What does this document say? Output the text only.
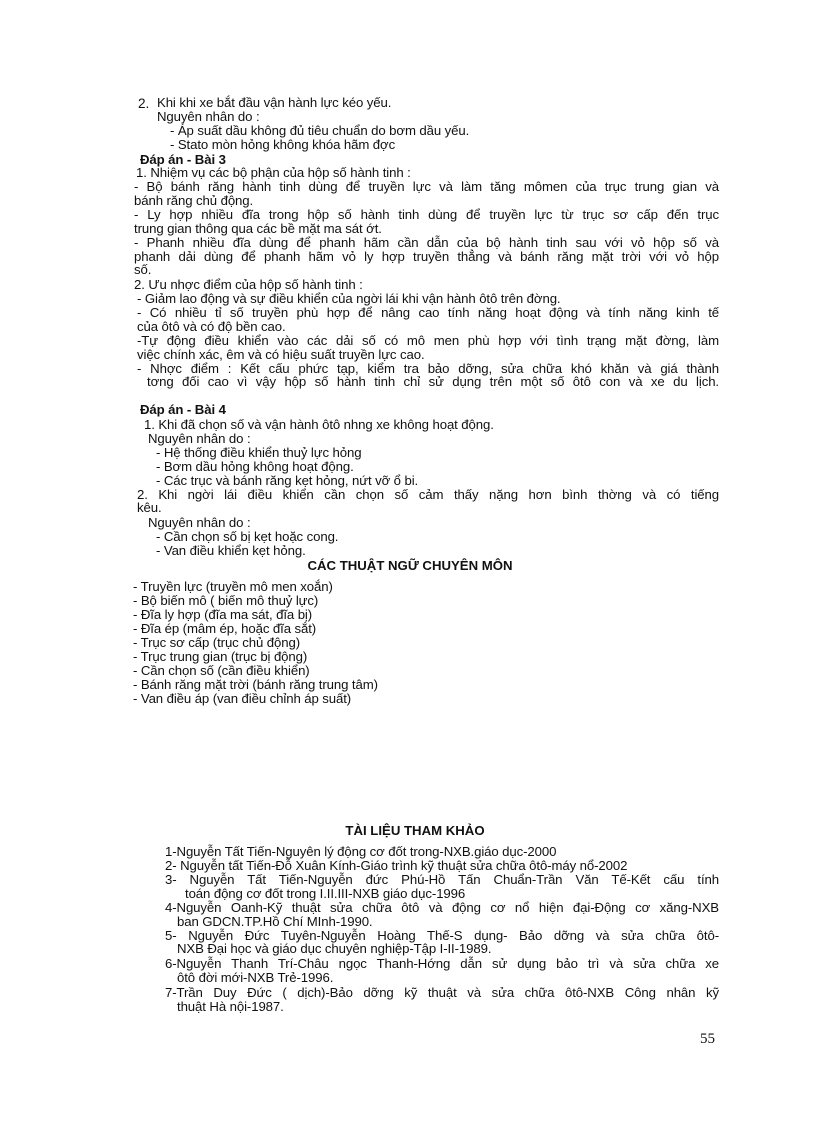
2. Khi khi xe bắt đầu vận hành lực kéo yếu.
Nguyên nhân do :
- Áp suất dầu không đủ tiêu chuẩn do bơm dầu yếu.
- Stato mòn hỏng không khóa hãm đợc
Đáp án - Bài 3
1. Nhiệm vụ các bộ phận của hộp số hành tinh :
- Bộ bánh răng hành tinh dùng để truyền lực và làm tăng mômen của trục trung gian và
bánh răng chủ động.
- Ly hợp nhiều đĩa trong hộp số hành tinh dùng để truyền lực từ trục sơ cấp đến trục
trung gian thông qua các bề mặt ma sát ớt.
- Phanh nhiều đĩa dùng để phanh hãm cần dẫn của bộ hành tinh sau với vỏ hộp số và
phanh dải dùng để phanh hãm vỏ ly hợp truyền thẳng và bánh răng mặt trời với vỏ hộp
số.
2. Ưu nhợc điểm của hộp số hành tinh :
- Giảm lao động và sự điều khiển của ngời lái khi vận hành ôtô trên đờng.
- Có nhiều tỉ số truyền phù hợp để nâng cao tính năng hoạt động và tính năng kinh tế
của ôtô và có độ bền cao.
-Tự động điều khiển vào các dải số có mô men phù hợp với tình trạng mặt đờng, làm
việc chính xác, êm và có hiệu suất truyền lực cao.
- Nhợc điểm : Kết cấu phức tạp, kiểm tra bảo dỡng, sửa chữa khó khăn và giá thành
tơng đối cao vì vậy hộp số hành tinh chỉ sử dụng trên một số ôtô con và xe du lịch.
Đáp án - Bài 4
1. Khi đã chọn số và vận hành ôtô nhng xe không hoạt động.
Nguyên nhân do :
- Hệ thống điều khiển thuỷ lực hỏng
- Bơm dầu hỏng không hoạt động.
- Các trục và bánh răng kẹt hỏng, nứt vỡ ổ bi.
2. Khi ngời lái điều khiển cần chọn số cảm thấy nặng hơn bình thờng và có tiếng
kêu.
Nguyên nhân do :
- Cần chọn số bị kẹt hoặc cong.
- Van điều khiển kẹt hỏng.
CÁC THUẬT NGỮ CHUYÊN MÔN
- Truyền lực (truyền mô men xoắn)
- Bộ biến mô ( biến mô thuỷ lực)
- Đĩa ly hợp (đĩa ma sát, đĩa bị)
- Đĩa ép (mâm ép, hoặc đĩa sắt)
- Trục sơ cấp (trục chủ động)
- Trục trung gian (trục bị động)
- Cần chọn số (cần điều khiển)
- Bánh răng mặt trời (bánh răng trung tâm)
- Van điều áp (van điều chỉnh áp suất)
TÀI LIỆU THAM KHẢO
1-Nguyễn Tất Tiến-Nguyên lý động cơ đốt trong-NXB.giáo dục-2000
2- Nguyễn tất Tiến-Đỗ Xuân Kính-Giáo trình kỹ thuật sửa chữa ôtô-máy nổ-2002
3- Nguyễn Tất Tiến-Nguyễn đức Phú-Hồ Tấn Chuẩn-Trần Văn Tế-Kết cấu tính
toán động cơ đốt trong I.II.III-NXB giáo dục-1996
4-Nguyễn Oanh-Kỹ thuật sửa chữa ôtô và động cơ nổ hiện đại-Động cơ xăng-NXB
ban GDCN.TP.Hồ Chí MInh-1990.
5- Nguyễn Đức Tuyên-Nguyễn Hoàng Thế-S dụng- Bảo dỡng và sửa chữa ôtô-
NXB Đại học và giáo dục chuyên nghiệp-Tập I-II-1989.
6-Nguyễn Thanh Trí-Châu ngọc Thanh-Hớng dẫn sử dụng bảo trì và sửa chữa xe
ôtô đời mới-NXB Trẻ-1996.
7-Trần Duy Đức ( dịch)-Bảo dỡng kỹ thuật và sửa chữa ôtô-NXB Công nhân kỹ
thuật Hà nội-1987.
55
